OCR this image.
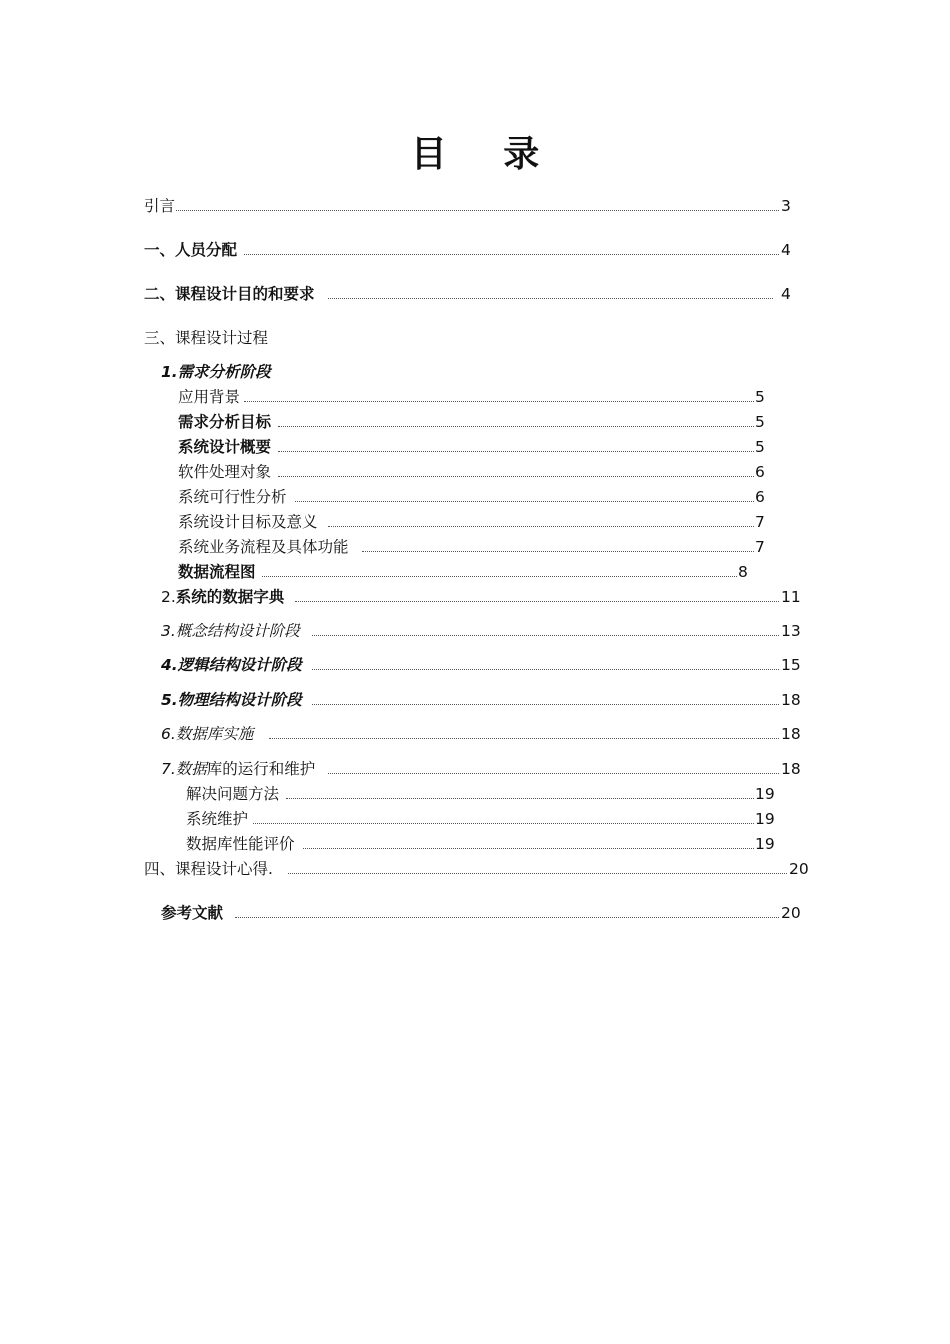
目 录
引言	3
一、人员分配	4
二、课程设计目的和要求	4
三、课程设计过程
1.需求分析阶段
应用背景	5
需求分析目标	5
系统设计概要	5
软件处理对象	6
系统可行性分析	6
系统设计目标及意义	7
系统业务流程及具体功能	7
数据流程图	8
2.系统的数据字典	11
3.概念结构设计阶段	13
4.逻辑结构设计阶段	15
5.物理结构设计阶段	18
6.数据库实施	18
7.数据库的运行和维护	18
解决问题方法	19
系统维护	19
数据库性能评价	19
四、课程设计心得.	20
参考文献	20
